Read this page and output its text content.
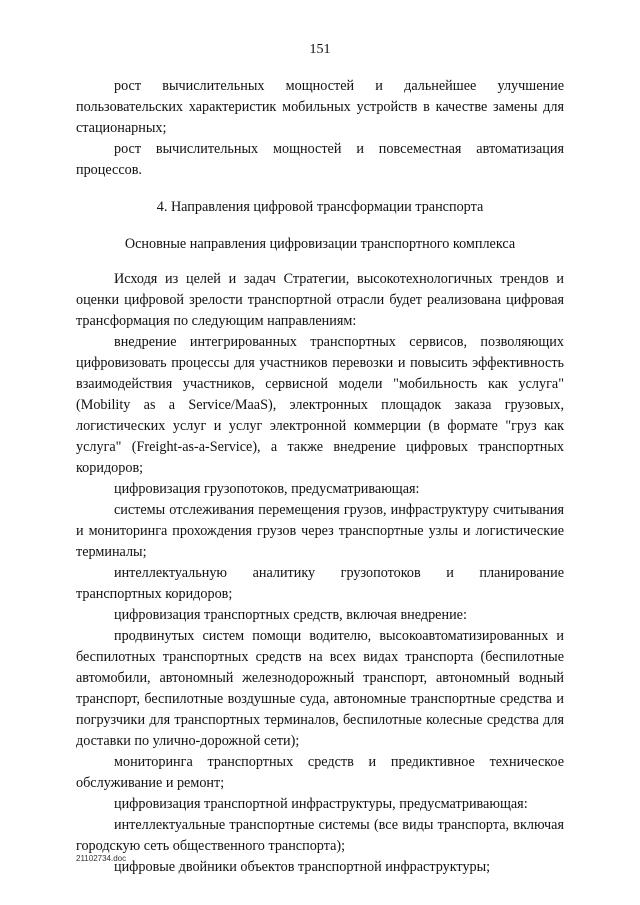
151

рост вычислительных мощностей и дальнейшее улучшение пользовательских характеристик мобильных устройств в качестве замены для стационарных;

рост вычислительных мощностей и повсеместная автоматизация процессов.

4. Направления цифровой трансформации транспорта

Основные направления цифровизации транспортного комплекса

Исходя из целей и задач Стратегии, высокотехнологичных трендов и оценки цифровой зрелости транспортной отрасли будет реализована цифровая трансформация по следующим направлениям:

внедрение интегрированных транспортных сервисов, позволяющих цифровизовать процессы для участников перевозки и повысить эффективность взаимодействия участников, сервисной модели "мобильность как услуга" (Mobility as a Service/MaaS), электронных площадок заказа грузовых, логистических услуг и услуг электронной коммерции (в формате "груз как услуга" (Freight-as-a-Service), а также внедрение цифровых транспортных коридоров;

цифровизация грузопотоков, предусматривающая:

системы отслеживания перемещения грузов, инфраструктуру считывания и мониторинга прохождения грузов через транспортные узлы и логистические терминалы;

интеллектуальную аналитику грузопотоков и планирование транспортных коридоров;

цифровизация транспортных средств, включая внедрение:

продвинутых систем помощи водителю, высокоавтоматизированных и беспилотных транспортных средств на всех видах транспорта (беспилотные автомобили, автономный железнодорожный транспорт, автономный водный транспорт, беспилотные воздушные суда, автономные транспортные средства и погрузчики для транспортных терминалов, беспилотные колесные средства для доставки по улично-дорожной сети);

мониторинга транспортных средств и предиктивное техническое обслуживание и ремонт;

цифровизация транспортной инфраструктуры, предусматривающая:

интеллектуальные транспортные системы (все виды транспорта, включая городскую сеть общественного транспорта);

цифровые двойники объектов транспортной инфраструктуры;

21102734.doc
